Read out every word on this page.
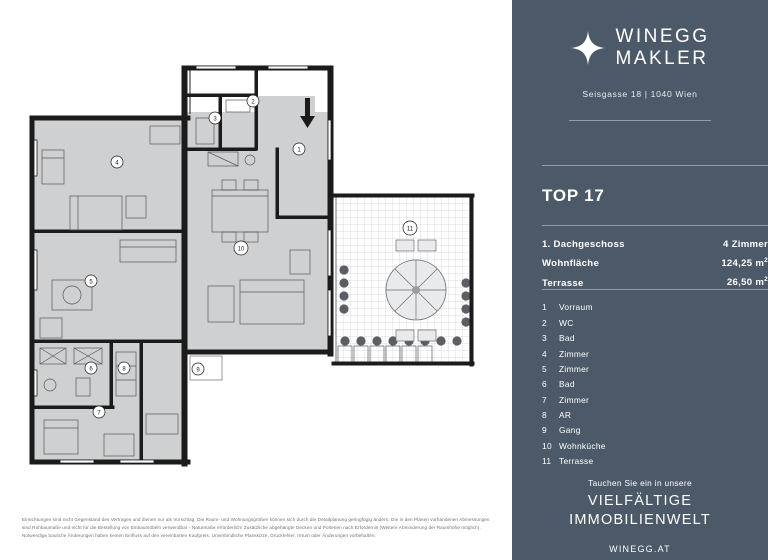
1
2
3
4
5
6
7
8	9
10
11
Einrichtungen sind nicht Gegenstand des Vertrages und dienen nur als Vorschlag. Die Raum- und Wohnungsgrößen können sich durch die Detailplanung geringfügig ändern. Die in den Plänen vorhandenen Abmessungen sind Rohbaumaße und nicht für die Bestellung von Einbaumöbeln verwendbar - Naturmaße erforderlich! Zusätzliche abgehängte Decken und Polterien nach Erfordernis (Weitere Abminderung der Raumhöhe möglich). Notwendige bauliche Änderungen haben keinen Einfluss auf den vereinbarten Kaufpreis. Unverbindliche Planskizze, Druckfehler, Irrtum oder Änderungen vorbehalten.
WINEGG
MAKLER
Seisgasse 18 | 1040 Wien
TOP 17
1. Dachgeschoss	4 Zimmer
Wohnfläche	124,25 $m^2$
Terrasse	26,50 $m^2$
1	Vorraum
2	WC
3	Bad
4	Zimmer
5	Zimmer
6	Bad
7	Zimmer
8	AR
9	Gang
10 Wohnküche
11 Terrasse
Tauchen Sie ein in unsere
VIELFÄLTIGE
IMMOBILIENWELT
WINEGG.AT
